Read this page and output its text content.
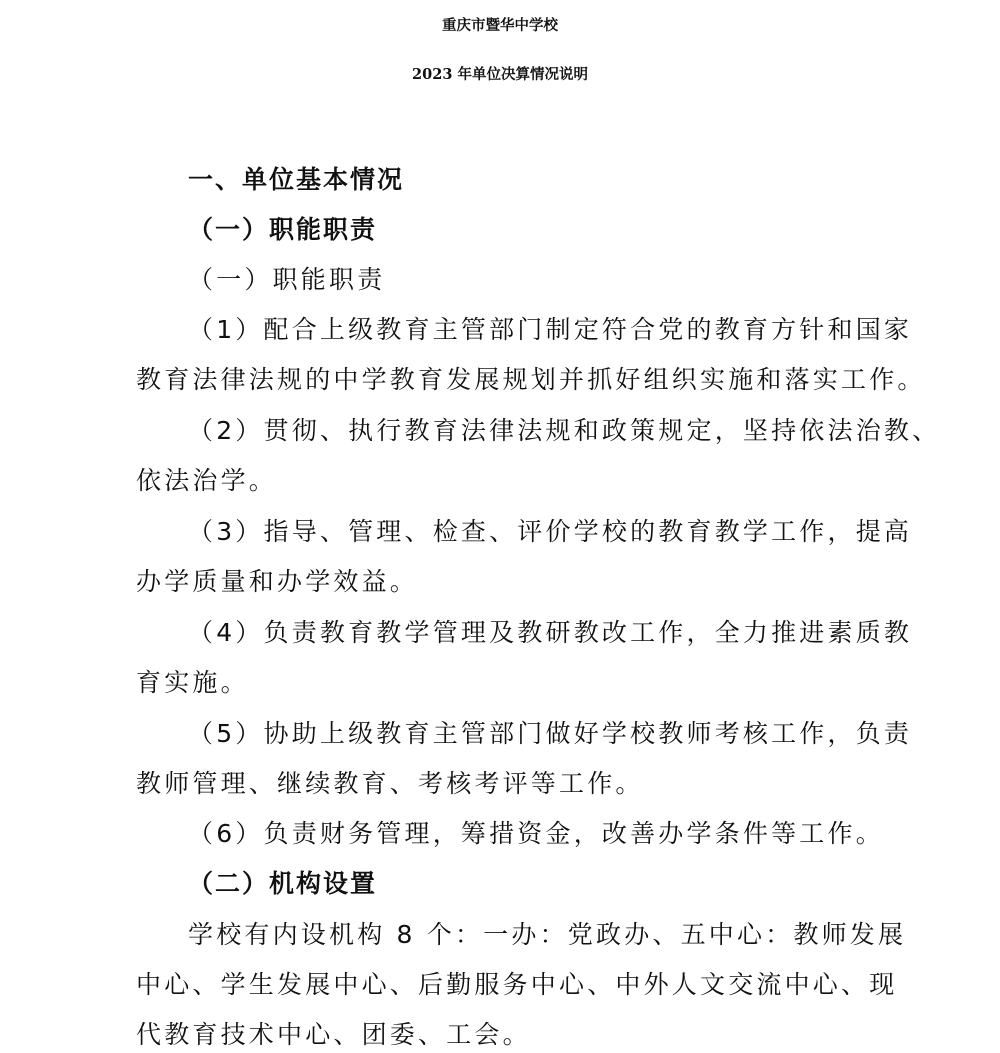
重庆市暨华中学校
2023 年单位决算情况说明
一、单位基本情况
（一）职能职责
（一）职能职责
（1）配合上级教育主管部门制定符合党的教育方针和国家
教育法律法规的中学教育发展规划并抓好组织实施和落实工作。
（2）贯彻、执行教育法律法规和政策规定，坚持依法治教、
依法治学。
（3）指导、管理、检查、评价学校的教育教学工作，提高
办学质量和办学效益。
（4）负责教育教学管理及教研教改工作，全力推进素质教
育实施。
（5）协助上级教育主管部门做好学校教师考核工作，负责
教师管理、继续教育、考核考评等工作。
（6）负责财务管理，筹措资金，改善办学条件等工作。
（二）机构设置
学校有内设机构 8 个：一办：党政办、五中心：教师发展
中心、学生发展中心、后勤服务中心、中外人文交流中心、现
代教育技术中心、团委、工会。
